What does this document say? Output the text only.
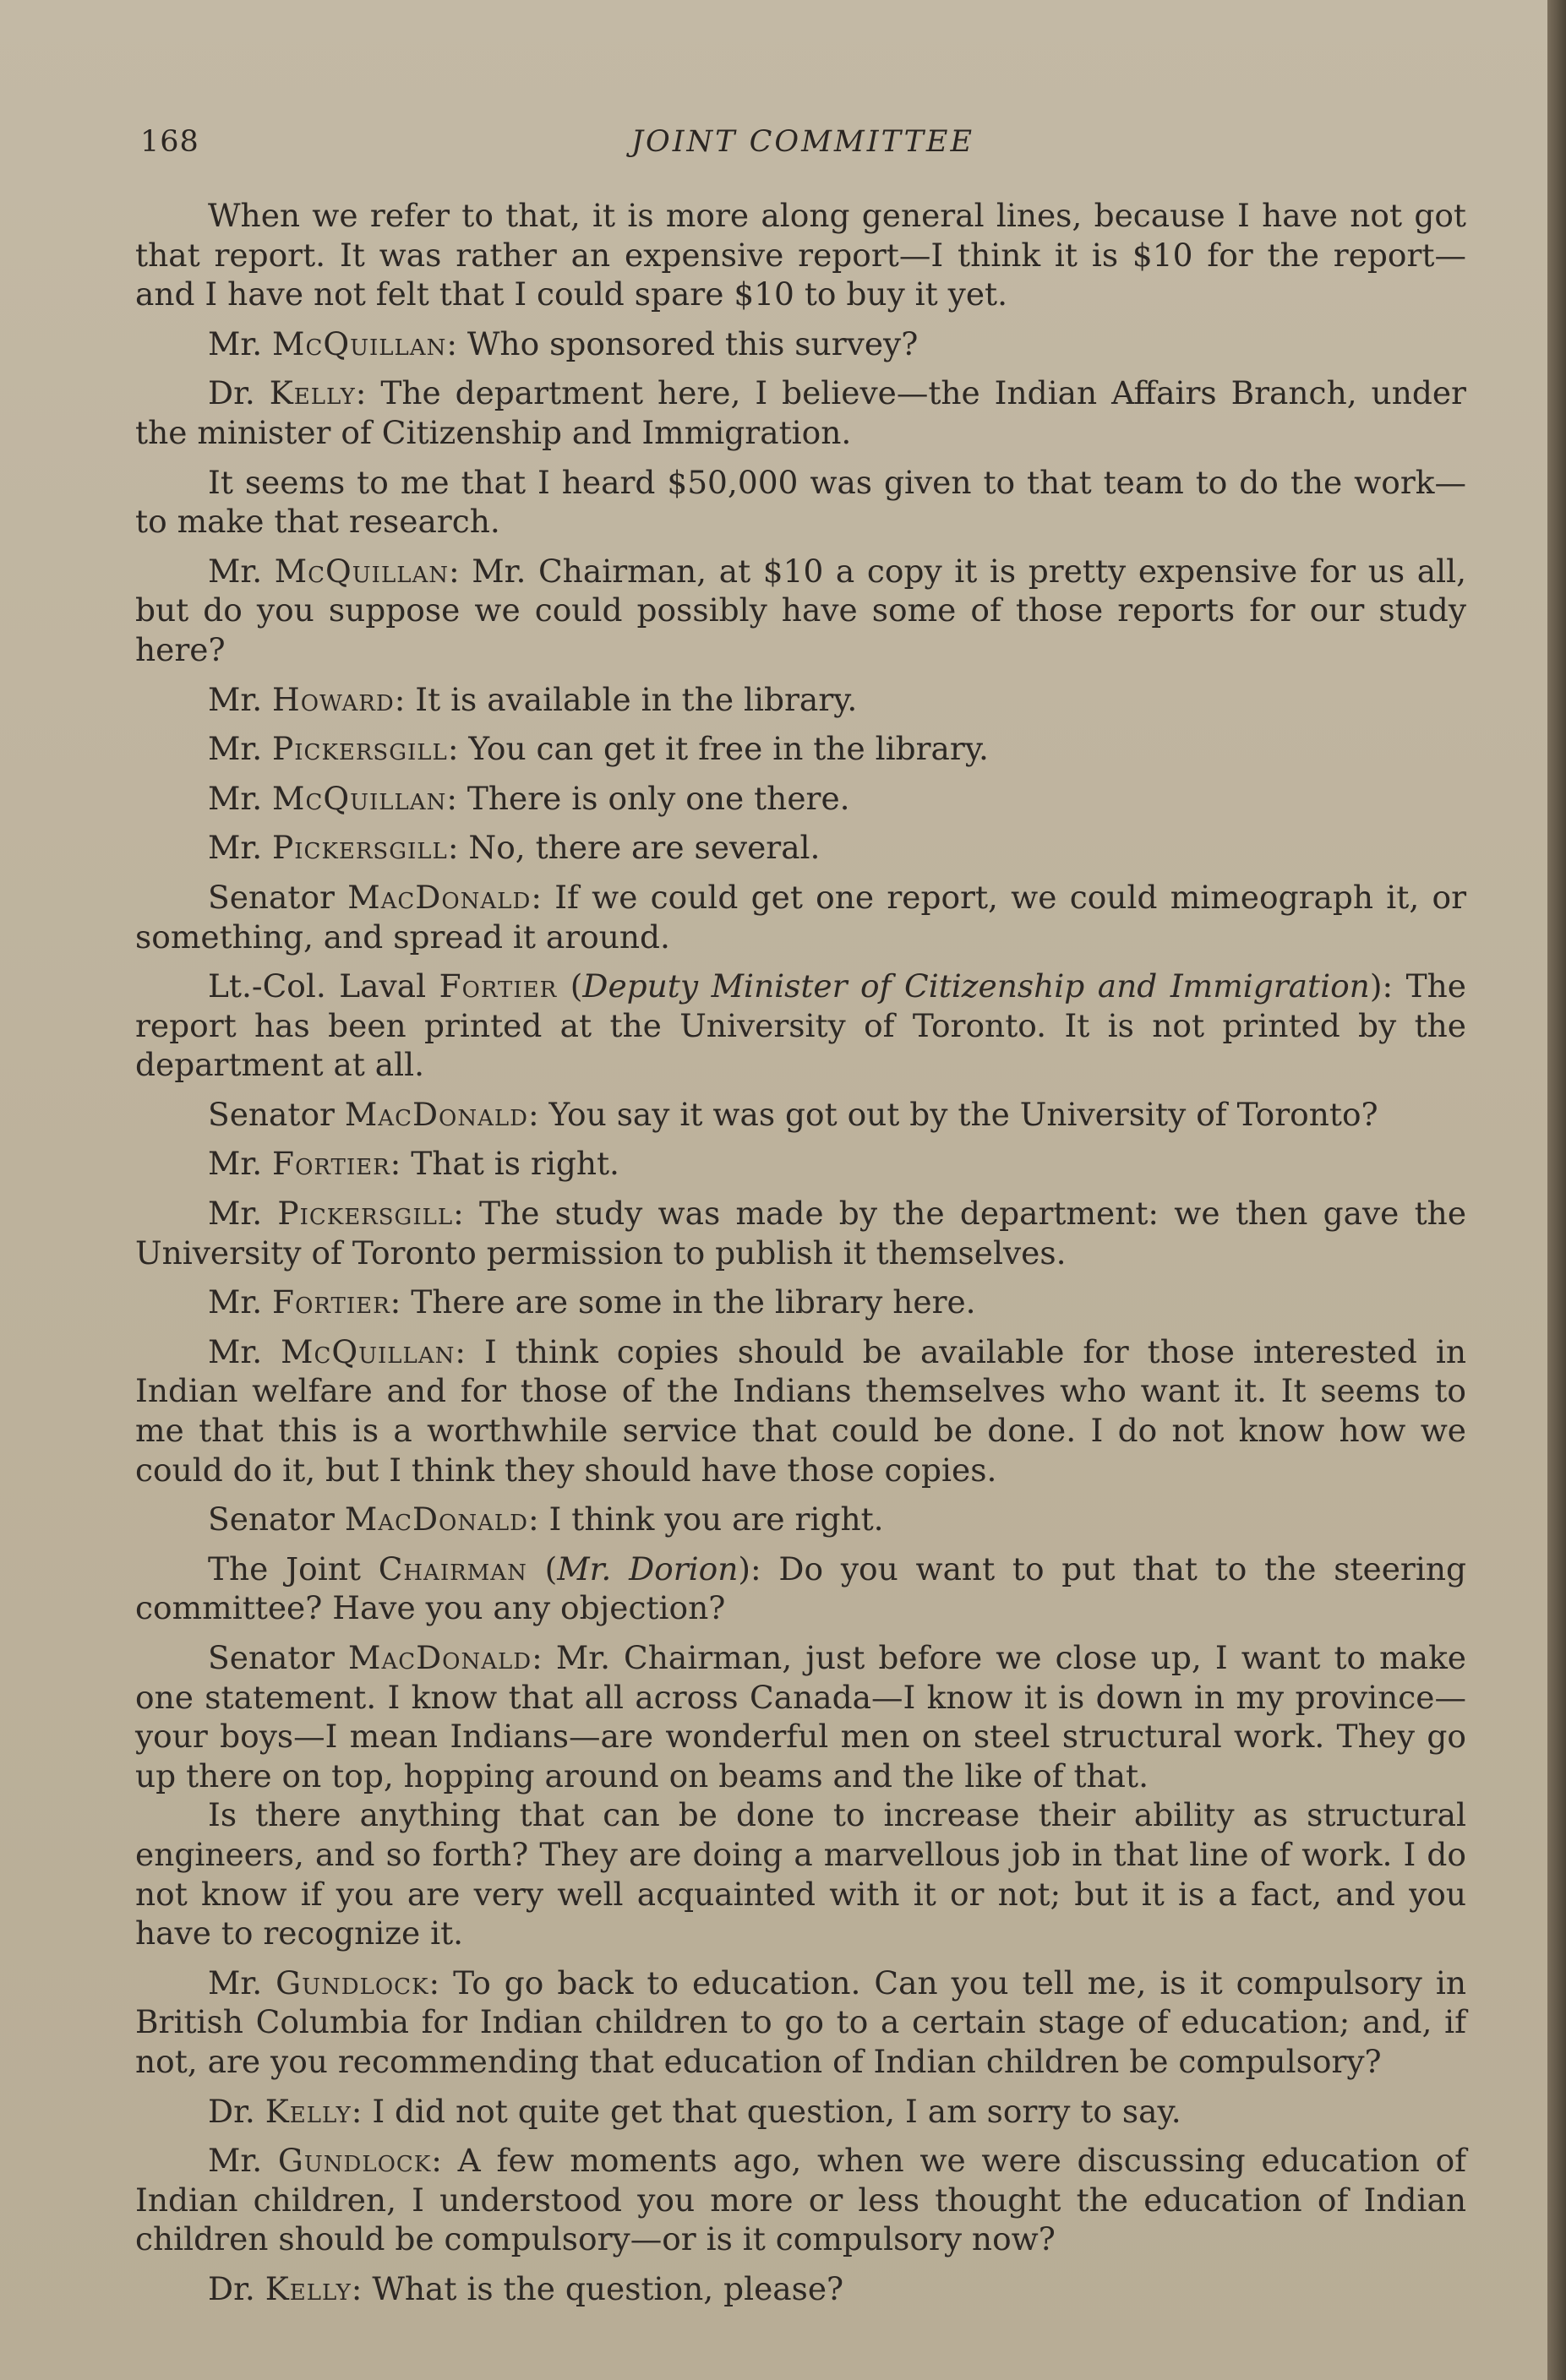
168	JOINT COMMITTEE

When we refer to that, it is more along general lines, because I have not got that report. It was rather an expensive report—I think it is $10 for the report—and I have not felt that I could spare $10 to buy it yet.

Mr. McQuillan: Who sponsored this survey?

Dr. Kelly: The department here, I believe—the Indian Affairs Branch, under the minister of Citizenship and Immigration.

It seems to me that I heard $50,000 was given to that team to do the work—to make that research.

Mr. McQuillan: Mr. Chairman, at $10 a copy it is pretty expensive for us all, but do you suppose we could possibly have some of those reports for our study here?

Mr. Howard: It is available in the library.

Mr. Pickersgill: You can get it free in the library.

Mr. McQuillan: There is only one there.

Mr. Pickersgill: No, there are several.

Senator MacDonald: If we could get one report, we could mimeograph it, or something, and spread it around.

Lt.-Col. Laval Fortier (Deputy Minister of Citizenship and Immigration): The report has been printed at the University of Toronto. It is not printed by the department at all.

Senator MacDonald: You say it was got out by the University of Toronto?

Mr. Fortier: That is right.

Mr. Pickersgill: The study was made by the department: we then gave the University of Toronto permission to publish it themselves.

Mr. Fortier: There are some in the library here.

Mr. McQuillan: I think copies should be available for those interested in Indian welfare and for those of the Indians themselves who want it. It seems to me that this is a worthwhile service that could be done. I do not know how we could do it, but I think they should have those copies.

Senator MacDonald: I think you are right.

The Joint Chairman (Mr. Dorion): Do you want to put that to the steering committee? Have you any objection?

Senator MacDonald: Mr. Chairman, just before we close up, I want to make one statement. I know that all across Canada—I know it is down in my province—your boys—I mean Indians—are wonderful men on steel structural work. They go up there on top, hopping around on beams and the like of that.

Is there anything that can be done to increase their ability as structural engineers, and so forth? They are doing a marvellous job in that line of work. I do not know if you are very well acquainted with it or not; but it is a fact, and you have to recognize it.

Mr. Gundlock: To go back to education. Can you tell me, is it compulsory in British Columbia for Indian children to go to a certain stage of education; and, if not, are you recommending that education of Indian children be compulsory?

Dr. Kelly: I did not quite get that question, I am sorry to say.

Mr. Gundlock: A few moments ago, when we were discussing education of Indian children, I understood you more or less thought the education of Indian children should be compulsory—or is it compulsory now?

Dr. Kelly: What is the question, please?
